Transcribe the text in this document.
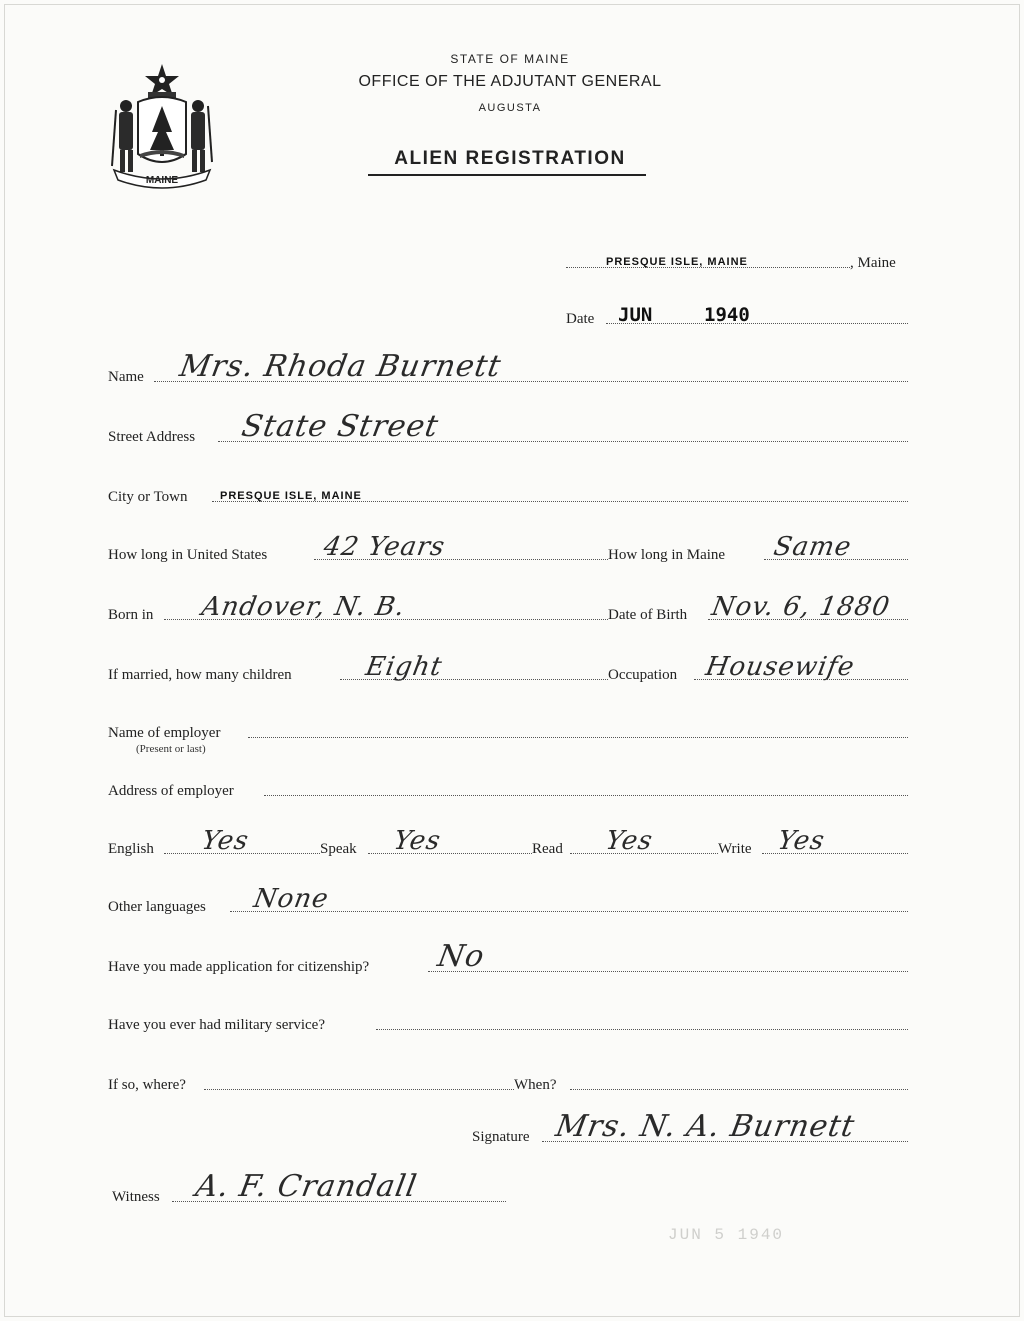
MAINE
STATE OF MAINE
OFFICE OF THE ADJUTANT GENERAL
AUGUSTA
ALIEN REGISTRATION
PRESQUE ISLE, MAINE	, Maine
Date JUN	1940
Name Mrs. Rhoda Burnett
Street Address State Street
City or Town	PRESQUE ISLE, MAINE
How long in United States 42 Years	How long in Maine Same
Born in Andover, N. B.	Date of Birth Nov. 6, 1880
If married, how many children	Eight	Occupation Housewife
Name of employer
(Present or last)
Address of employer
English Yes	Speak Yes	Read Yes	Write Yes
Other languages None
Have you made application for citizenship? No
Have you ever had military service?
If so, where?	When?
Signature Mrs. N. A. Burnett
Witness A. F. Crandall
JUN 5 1940
